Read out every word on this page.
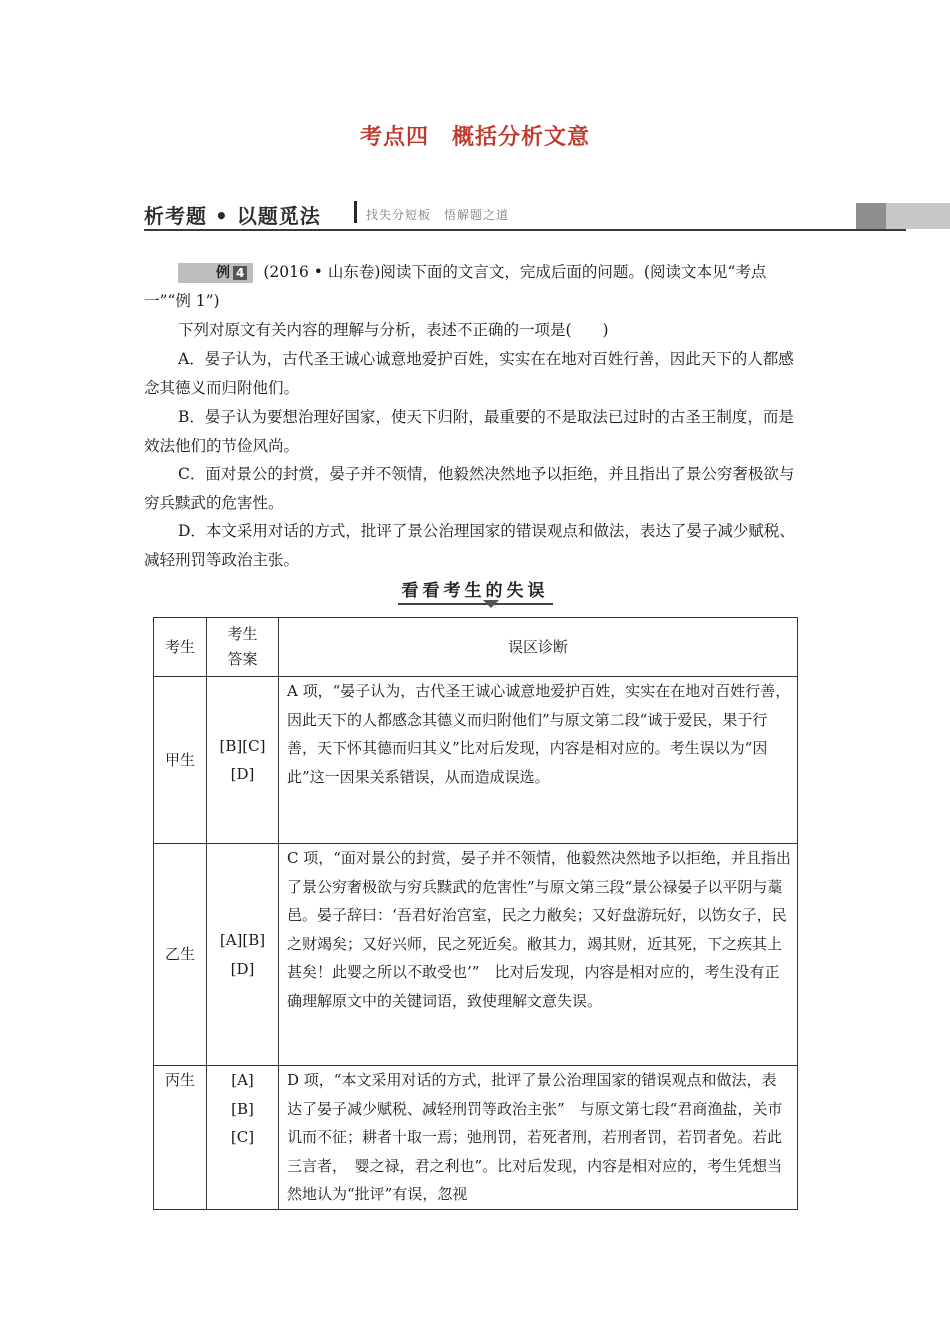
考点四　概括分析文意
析考题 • 以题觅法	找失分短板　悟解题之道
例 4 (2016 • 山东卷)阅读下面的文言文，完成后面的问题。(阅读文本见“考点一”“例 1”)
下列对原文有关内容的理解与分析，表述不正确的一项是(　　)
A．晏子认为，古代圣王诚心诚意地爱护百姓，实实在在地对百姓行善，因此天下的人都感念其德义而归附他们。
B．晏子认为要想治理好国家，使天下归附，最重要的不是取法已过时的古圣王制度，而是效法他们的节俭风尚。
C．面对景公的封赏，晏子并不领情，他毅然决然地予以拒绝，并且指出了景公穷奢极欲与穷兵黩武的危害性。
D．本文采用对话的方式，批评了景公治理国家的错误观点和做法，表达了晏子减少赋税、减轻刑罚等政治主张。
看看考生的失误
考生	考生答案	误区诊断
甲生	[B][C][D]	A 项，“晏子认为，古代圣王诚心诚意地爱护百姓，实实在在地对百姓行善，因此天下的人都感念其德义而归附他们”与原文第二段“诚于爱民，果于行善，天下怀其德而归其义”比对后发现，内容是相对应的。考生误以为“因此”这一因果关系错误，从而造成误选。
乙生	[A][B][D]	C 项，“面对景公的封赏，晏子并不领情，他毅然决然地予以拒绝，并且指出了景公穷奢极欲与穷兵黩武的危害性”与原文第三段“景公禄晏子以平阴与藁邑。晏子辞曰：‘吾君好治宫室，民之力敝矣；又好盘游玩好，以饬女子，民之财竭矣；又好兴师，民之死近矣。敝其力，竭其财，近其死，下之疾其上甚矣！此婴之所以不敢受也’”　比对后发现，内容是相对应的，考生没有正确理解原文中的关键词语，致使理解文意失误。
丙生	[A][B][C]	D 项，“本文采用对话的方式，批评了景公治理国家的错误观点和做法，表达了晏子减少赋税、减轻刑罚等政治主张”　与原文第七段“君商渔盐，关市讥而不征；耕者十取一焉；弛刑罚，若死者刑，若刑者罚，若罚者免。若此三言者，　婴之禄，君之利也”。比对后发现，内容是相对应的，考生凭想当然地认为“批评”有误，忽视
